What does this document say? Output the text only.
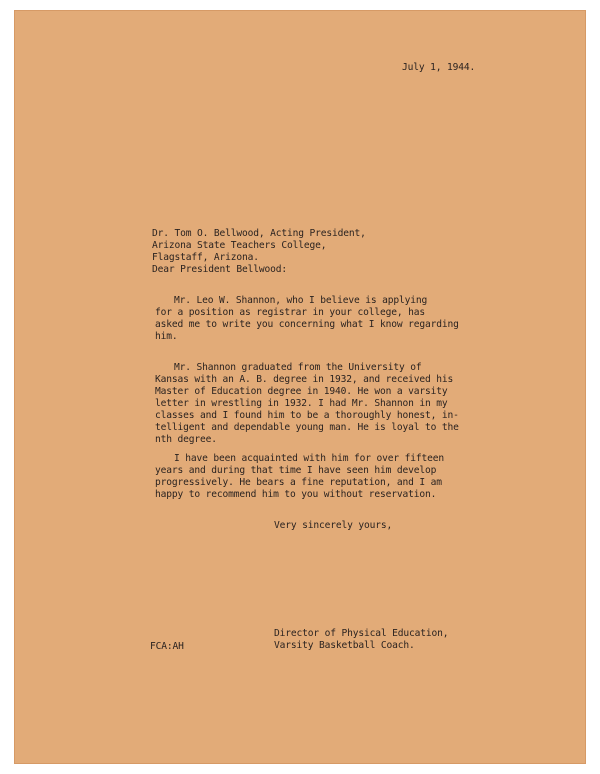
July 1, 1944.
Dr. Tom O. Bellwood, Acting President,
Arizona State Teachers College,
Flagstaff, Arizona.
Dear President Bellwood:
Mr. Leo W. Shannon, who I believe is applying
for a position as registrar in your college, has
asked me to write you concerning what I know regarding
him.
Mr. Shannon graduated from the University of
Kansas with an A. B. degree in 1932, and received his
Master of Education degree in 1940. He won a varsity
letter in wrestling in 1932. I had Mr. Shannon in my
classes and I found him to be a thoroughly honest, in-
telligent and dependable young man. He is loyal to the
nth degree.
I have been acquainted with him for over fifteen
years and during that time I have seen him develop
progressively. He bears a fine reputation, and I am
happy to recommend him to you without reservation.
Very sincerely yours,
FCA:AH
Director of Physical Education,
Varsity Basketball Coach.
